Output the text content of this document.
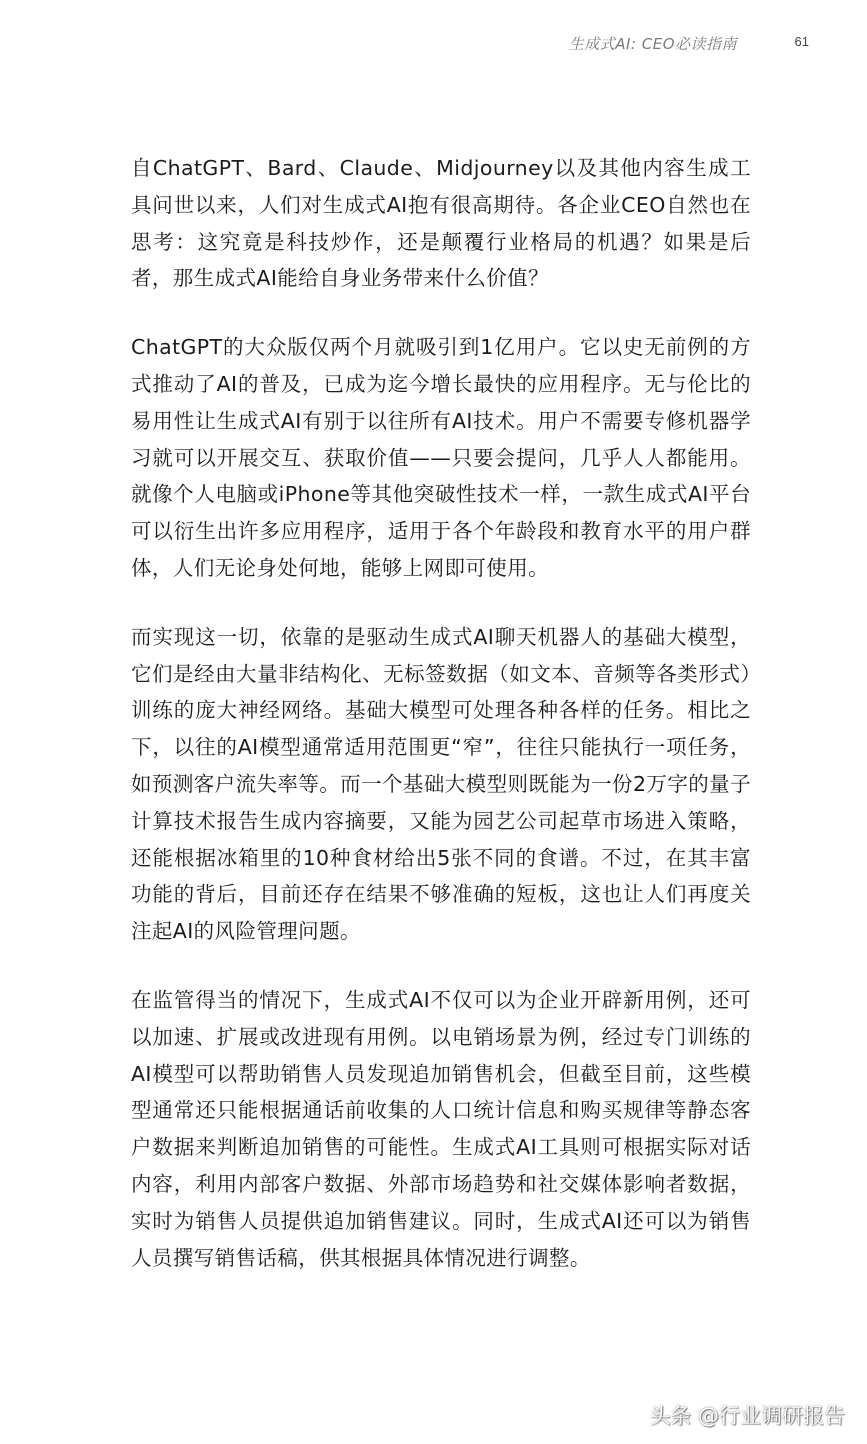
生成式AI: CEO必读指南	61

自ChatGPT、Bard、Claude、Midjourney以及其他内容生成工具问世以来，人们对生成式AI抱有很高期待。各企业CEO自然也在思考：这究竟是科技炒作，还是颠覆行业格局的机遇？如果是后者，那生成式AI能给自身业务带来什么价值？

ChatGPT的大众版仅两个月就吸引到1亿用户。它以史无前例的方式推动了AI的普及，已成为迄今增长最快的应用程序。无与伦比的易用性让生成式AI有别于以往所有AI技术。用户不需要专修机器学习就可以开展交互、获取价值——只要会提问，几乎人人都能用。就像个人电脑或iPhone等其他突破性技术一样，一款生成式AI平台可以衍生出许多应用程序，适用于各个年龄段和教育水平的用户群体，人们无论身处何地，能够上网即可使用。

而实现这一切，依靠的是驱动生成式AI聊天机器人的基础大模型，它们是经由大量非结构化、无标签数据（如文本、音频等各类形式）训练的庞大神经网络。基础大模型可处理各种各样的任务。相比之下，以往的AI模型通常适用范围更“窄”，往往只能执行一项任务，如预测客户流失率等。而一个基础大模型则既能为一份2万字的量子计算技术报告生成内容摘要，又能为园艺公司起草市场进入策略，还能根据冰箱里的10种食材给出5张不同的食谱。不过，在其丰富功能的背后，目前还存在结果不够准确的短板，这也让人们再度关注起AI的风险管理问题。

在监管得当的情况下，生成式AI不仅可以为企业开辟新用例，还可以加速、扩展或改进现有用例。以电销场景为例，经过专门训练的AI模型可以帮助销售人员发现追加销售机会，但截至目前，这些模型通常还只能根据通话前收集的人口统计信息和购买规律等静态客户数据来判断追加销售的可能性。生成式AI工具则可根据实际对话内容，利用内部客户数据、外部市场趋势和社交媒体影响者数据，实时为销售人员提供追加销售建议。同时，生成式AI还可以为销售人员撰写销售话稿，供其根据具体情况进行调整。

头条 @行业调研报告
